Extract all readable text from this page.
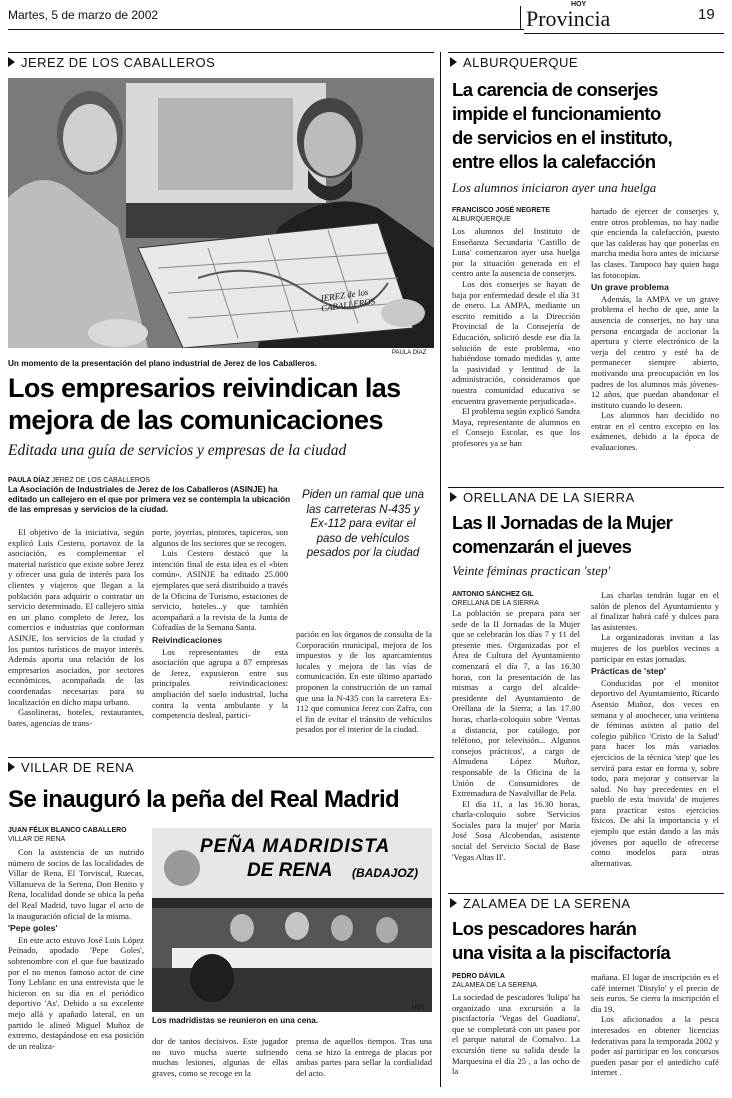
Martes, 5 de marzo de 2002
HOY
Provincia	19
JEREZ DE LOS CABALLEROS
JEREZ de los CABALLEROS
PAULA DÍAZ
Un momento de la presentación del plano industrial de Jerez de los Caballeros.
Los empresarios reivindican las
mejora de las comunicaciones
Editada una guía de servicios y empresas de la ciudad
PAULA DÍAZ JEREZ DE LOS CABALLEROS
La Asociación de Industriales de Jerez de los Caballeros (ASINJE) ha editado un callejero en el que por primera vez se contempla la ubicación de las empresas y servicios de la ciudad.
Piden un ramal que una las carreteras N-435 y Ex-112 para evitar el paso de vehículos pesados por la ciudad

El objetivo de la iniciativa, según explicó Luis Cestero, portavoz de la asociación, es complementar el material turístico que existe sobre Jerez y ofrecer una guía de interés para los clientes y viajeros que llegan a la población para adquirir o contratar un servicio determinado. El callejero sitúa en un plano completo de Jerez, los comercios e industrias que conforman ASINJE, los servicios de la ciudad y los puntos turísticos de mayor interés. Además aporta una relación de los empresarios asociados, por sectores económicos, acompañada de las coordenadas necesarias para su localización en dicho mapa urbano.

Gasolineras, hoteles, restaurantes, bares, agencias de trans-

porte, joyerías, pintores, tapiceros, son algunos de los sectores que se recogen.

Luis Cestero destacó que la intención final de esta idea es el «bien común». ASINJE ha editado 25.000 ejemplares que será distribuido a través de la Oficina de Turismo, estaciones de servicio, hoteles...y que también acompañará a la revista de la Junta de Cofradías de la Semana Santa.

Reivindicaciones

Los representantes de esta asociación que agrupa a 87 empresas de Jerez, expusieron entre sus principales reivindicaciones: ampliación del suelo industrial, lucha contra la venta ambulante y la competencia desleal, partici-

pación en los órganos de consulta de la Corporación municipal, mejora de los impuestos y de los aparcamientos locales y mejora de las vías de comunicación. En este último apartado proponen la construcción de un ramal que una la N-435 con la carretera Ex-112 que comunica Jerez con Zafra, con el fin de evitar el tránsito de vehículos pesados por el interior de la ciudad.

VILLAR DE RENA
Se inauguró la peña del Real Madrid
JUAN FÉLIX BLANCO CABALLERO
VILLAR DE RENA

Con la asistencia de un nutrido número de socios de las localidades de Villar de Rena, El Torviscal, Ruecas, Villanueva de la Serena, Don Benito y Rena, localidad donde se ubica la peña del Real Madrid, tuvo lugar el acto de la inauguración oficial de la misma.

'Pepe goles'

En este acto estuvo José Luis López Peinado, apodado 'Pepe Goles', sobrenombre con el que fue bautizado por el no menos famoso actor de cine Tony Leblanc en una entrevista que le hicieron en su día en el periódico deportivo 'As'. Debido a su excelente mejo allá y apañado lateral, en un partido le alineó Miguel Muñoz de extremo, destapándose en esa posición de un realiza-

PEÑA MADRIDISTA
DE RENA (BADAJOZ)
HOY
Los madridistas se reunieron en una cena.

dor de tantos decisivos. Este jugador no tuvo mucha suerte sufriendo muchas lesiones, algunas de ellas graves, como se recoge en la

prensa de aquellos tiempos. Tras una cena se hizo la entrega de placas por ambas partes para sellar la cordialidad del acto.

ALBURQUERQUE
La carencia de conserjes
impide el funcionamiento
de servicios en el instituto,
entre ellos la calefacción
Los alumnos iniciaron ayer una huelga
FRANCISCO JOSÉ NEGRETE
ALBURQUERQUE

Los alumnos del Instituto de Enseñanza Secundaria 'Castillo de Luna' comenzaron ayer una huelga por la situación generada en el centro ante la ausencia de conserjes.

Los dos conserjes se hayan de baja por enfermedad desde el día 31 de enero. La AMPA, mediante un escrito remitido a la Dirección Provincial de la Consejería de Educación, solicitó desde ese día la solución de este problema, «no habiéndose tomado medidas y, ante la pasividad y lentitud de la administración, consideramos que nuestra comunidad educativa se encuentra gravemente perjudicada».

El problema según explicó Sandra Maya, representante de alumnos en el Consejo Escolar, es que los profesores ya se han

hartado de ejercer de conserjes y, entre otros problemas, no hay nadie que encienda la calefacción, puesto que las calderas hay que ponerlas en marcha media hora antes de iniciarse las clases. Tampoco hay quien haga las fotocopias.

Un grave problema

Además, la AMPA ve un grave problema el hecho de que, ante la ausencia de conserjes, no hay una persona encargada de accionar la apertura y cierre electrónico de la verja del centro y esté ha de permanecer siempre abierto, motivando una preocupación en los padres de los alumnos más jóvenes- 12 años, que puedan abandonar el instituto cuando lo deseen.

Los alumnos han decidido no entrar en el centro excepto en los exámenes, debido a la época de evaluaciones.

ORELLANA DE LA SIERRA
Las II Jornadas de la Mujer
comenzarán el jueves
Veinte féminas practican 'step'
ANTONIO SÁNCHEZ GIL
ORELLANA DE LA SIERRA

La población se prepara para ser sede de la II Jornadas de la Mujer que se celebrarán los días 7 y 11 del presente mes. Organizadas por el Área de Cultura del Ayuntamiento comenzará el día 7, a las 16.30 horas, con la presentación de las mismas a cargo del alcalde-presidente del Ayuntamiento de Orellana de la Sierra; a las 17.00 horas, charla-coloquio sobre 'Ventas a distancia, por catálogo, por teléfono, por televisión... Algunos consejos prácticos', a cargo de Almudena López Muñoz, responsable de la Oficina de la Unión de Consumidores de Extremadura de Navalvillar de Pela.

El día 11, a las 16.30 horas, charla-coloquio sobre 'Servicios Sociales para la mujer' por María José Sosa Alcobendas, asistente social del Servicio Social de Base 'Vegas Altas II'.

Las charlas tendrán lugar en el salón de plenos del Ayuntamiento y al finalizar habrá café y dulces para las asistentes.

La organizadoras invitan a las mujeres de los pueblos vecinos a participar en estas jornadas.

Prácticas de 'step'

Conducidas por el monitor deportivo del Ayuntamiento, Ricardo Asensio Muñoz, dos veces en semana y al anochecer, una veintena de féminas asisten al patio del colegio público 'Cristo de la Salud' para hacer los más variados ejercicios de la técnica 'step' que les servirá para estar en forma y, sobre todo, para mejorar y conservar la salud. No hay precedentes en el pueblo de esta 'movida' de mujeres para practicar estos ejercicios físicos. De ahí la importancia y el ejemplo que están dando a las más jóvenes por aquello de ofrecerse como modelos para otras alternativas.

ZALAMEA DE LA SERENA
Los pescadores harán
una visita a la piscifactoría
PEDRO DÁVILA
ZALAMEA DE LA SERENA

La sociedad de pescadores 'Iulipa' ha organizado una excursión a la piscifactoría 'Vegas del Guadiana', que se completará con un paseo por el parque natural de Cornalvo. La excursión tiene su salida desde la Marquesina el día 25 , a las ocho de la

mañana. El lugar de inscripción es el café internet 'Distylo' y el precio de seis euros. Se cierra la inscripción el día 19.

Los aficionados a la pesca interesados en obtener licencias federativas para la temporada 2002 y poder así participar en los concursos pueden pasar por el antedicho café internet .
